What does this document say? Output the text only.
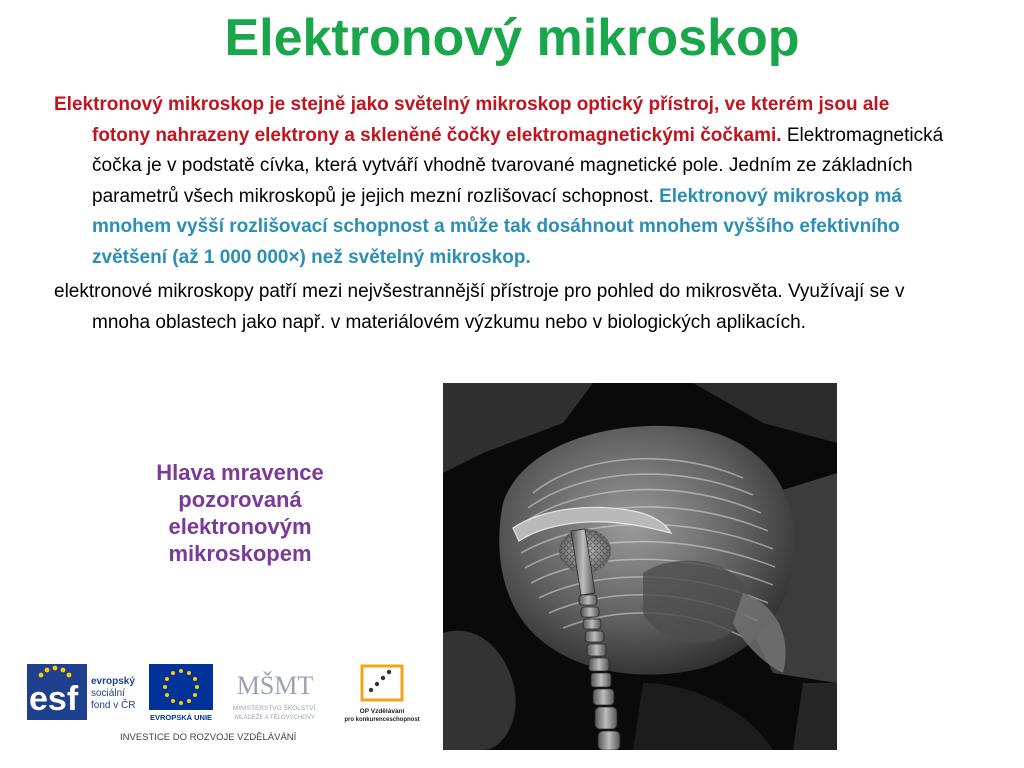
Elektronový mikroskop

Elektronový mikroskop je stejně jako světelný mikroskop optický přístroj, ve kterém jsou ale fotony nahrazeny elektrony a skleněné čočky elektromagnetickými čočkami. Elektromagnetická čočka je v podstatě cívka, která vytváří vhodně tvarované magnetické pole. Jedním ze základních parametrů všech mikroskopů je jejich mezní rozlišovací schopnost. Elektronový mikroskop má mnohem vyšší rozlišovací schopnost a může tak dosáhnout mnohem vyššího efektivního zvětšení (až 1 000 000×) než světelný mikroskop.

elektronové mikroskopy patří mezi nejvšestrannější přístroje pro pohled do mikrosvěta. Využívají se v mnoha oblastech jako např. v materiálovém výzkumu nebo v biologických aplikacích.

Hlava mravence pozorovaná elektronovým mikroskopem
esf evropský
sociální
fond v ČR
EVROPSKÁ UNIE
MŠMT
MINISTERSTVO ŠKOLSTVÍ,
MLÁDEŽE A TĚLOVÝCHOVY
OP Vzdělávání
pro konkurenceschopnost
INVESTICE DO ROZVOJE VZDĚLÁVÁNÍ
